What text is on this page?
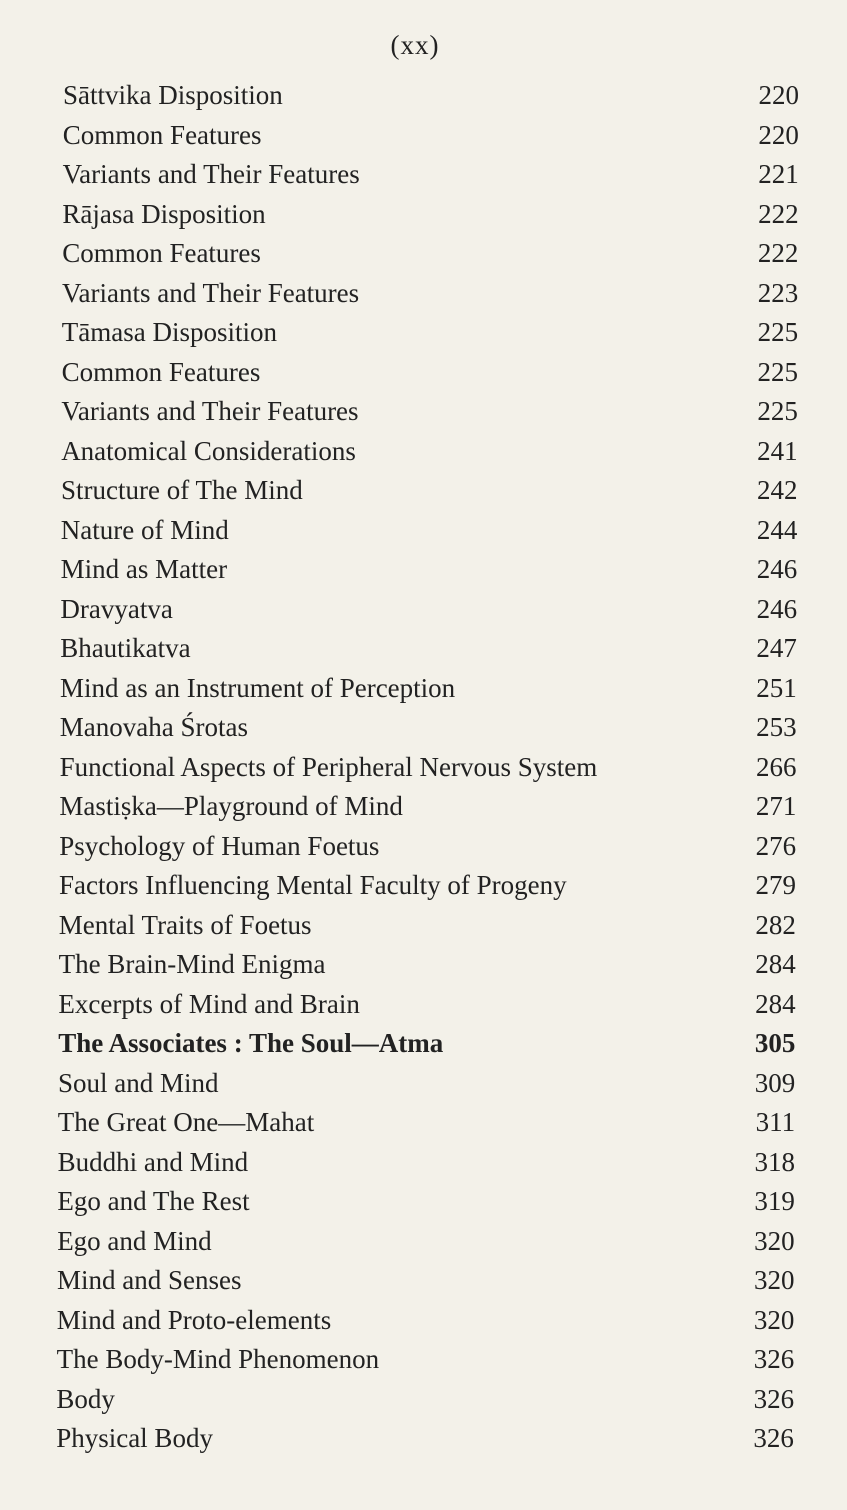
(xx)
Sāttvika Disposition	220
Common Features	220
Variants and Their Features	221
Rājasa Disposition	222
Common Features	222
Variants and Their Features	223
Tāmasa Disposition	225
Common Features	225
Variants and Their Features	225
Anatomical Considerations	241
Structure of The Mind	242
Nature of Mind	244
Mind as Matter	246
Dravyatva	246
Bhautikatva	247
Mind as an Instrument of Perception	251
Manovaha Śrotas	253
Functional Aspects of Peripheral Nervous System	266
Mastiṣka—Playground of Mind	271
Psychology of Human Foetus	276
Factors Influencing Mental Faculty of Progeny	279
Mental Traits of Foetus	282
The Brain-Mind Enigma	284
Excerpts of Mind and Brain	284
The Associates : The Soul—Atma	305
Soul and Mind	309
The Great One—Mahat	311
Buddhi and Mind	318
Ego and The Rest	319
Ego and Mind	320
Mind and Senses	320
Mind and Proto-elements	320
The Body-Mind Phenomenon	326
Body	326
Physical Body	326
